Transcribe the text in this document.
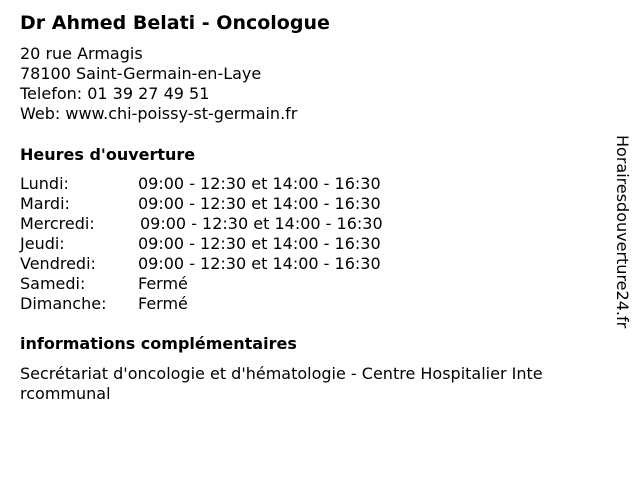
Dr Ahmed Belati - Oncologue
20 rue Armagis
78100 Saint-Germain-en-Laye
Telefon: 01 39 27 49 51
Web: www.chi-poissy-st-germain.fr
Heures d'ouverture
Lundi:	09:00 - 12:30 et 14:00 - 16:30
Mardi:	09:00 - 12:30 et 14:00 - 16:30
Mercredi:	09:00 - 12:30 et 14:00 - 16:30
Jeudi:	09:00 - 12:30 et 14:00 - 16:30
Vendredi:	09:00 - 12:30 et 14:00 - 16:30
Samedi:	Fermé
Dimanche: Fermé
informations complémentaires
Secrétariat d'oncologie et d'hématologie - Centre Hospitalier Intercommunal
Horairesdouverture24.fr
